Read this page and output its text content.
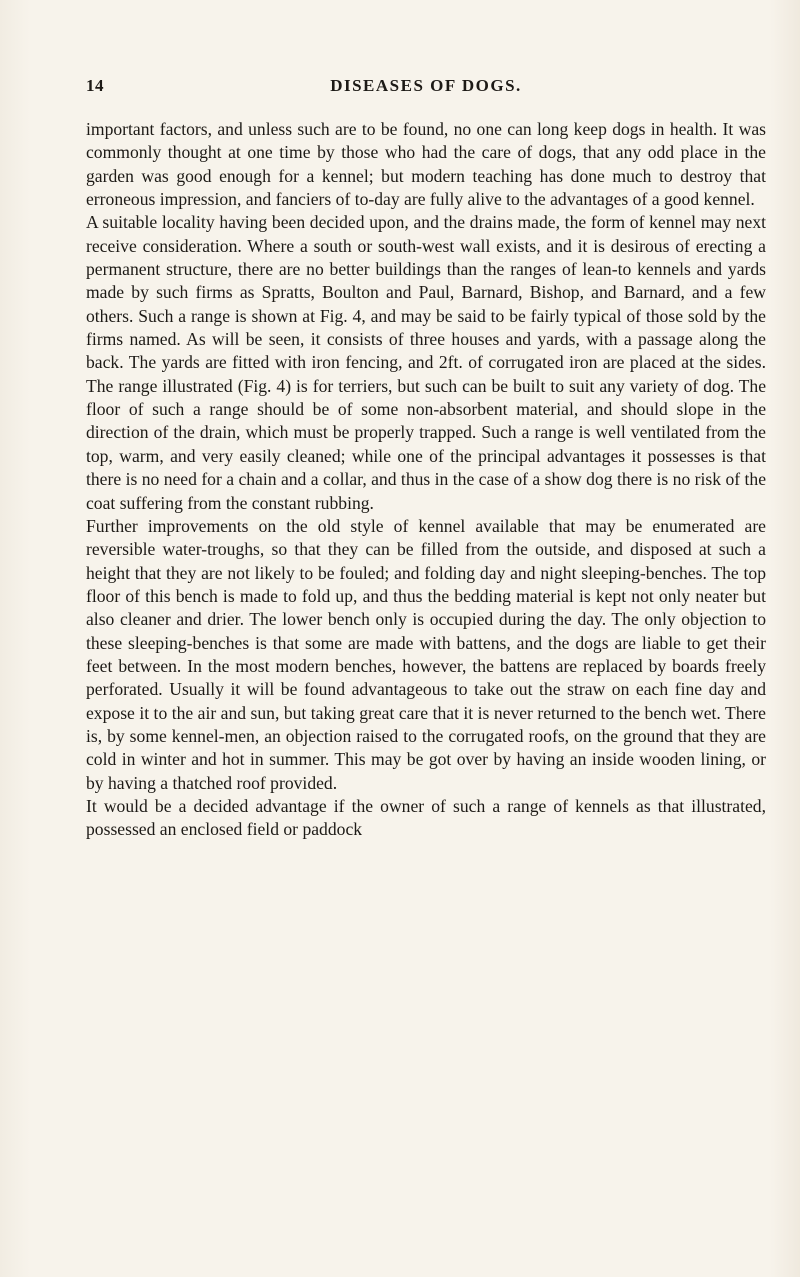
14	DISEASES OF DOGS.

important factors, and unless such are to be found, no one can long keep dogs in health. It was commonly thought at one time by those who had the care of dogs, that any odd place in the garden was good enough for a kennel; but modern teaching has done much to destroy that erroneous impression, and fanciers of to-day are fully alive to the advantages of a good kennel.

A suitable locality having been decided upon, and the drains made, the form of kennel may next receive consideration. Where a south or south-west wall exists, and it is desirous of erecting a permanent structure, there are no better buildings than the ranges of lean-to kennels and yards made by such firms as Spratts, Boulton and Paul, Barnard, Bishop, and Barnard, and a few others. Such a range is shown at Fig. 4, and may be said to be fairly typical of those sold by the firms named. As will be seen, it consists of three houses and yards, with a passage along the back. The yards are fitted with iron fencing, and 2ft. of corrugated iron are placed at the sides. The range illustrated (Fig. 4) is for terriers, but such can be built to suit any variety of dog. The floor of such a range should be of some non-absorbent material, and should slope in the direction of the drain, which must be properly trapped. Such a range is well ventilated from the top, warm, and very easily cleaned; while one of the principal advantages it possesses is that there is no need for a chain and a collar, and thus in the case of a show dog there is no risk of the coat suffering from the constant rubbing.

Further improvements on the old style of kennel available that may be enumerated are reversible water-troughs, so that they can be filled from the outside, and disposed at such a height that they are not likely to be fouled; and folding day and night sleeping-benches. The top floor of this bench is made to fold up, and thus the bedding material is kept not only neater but also cleaner and drier. The lower bench only is occupied during the day. The only objection to these sleeping-benches is that some are made with battens, and the dogs are liable to get their feet between. In the most modern benches, however, the battens are replaced by boards freely perforated. Usually it will be found advantageous to take out the straw on each fine day and expose it to the air and sun, but taking great care that it is never returned to the bench wet. There is, by some kennel-men, an objection raised to the corrugated roofs, on the ground that they are cold in winter and hot in summer. This may be got over by having an inside wooden lining, or by having a thatched roof provided.

It would be a decided advantage if the owner of such a range of kennels as that illustrated, possessed an enclosed field or paddock
